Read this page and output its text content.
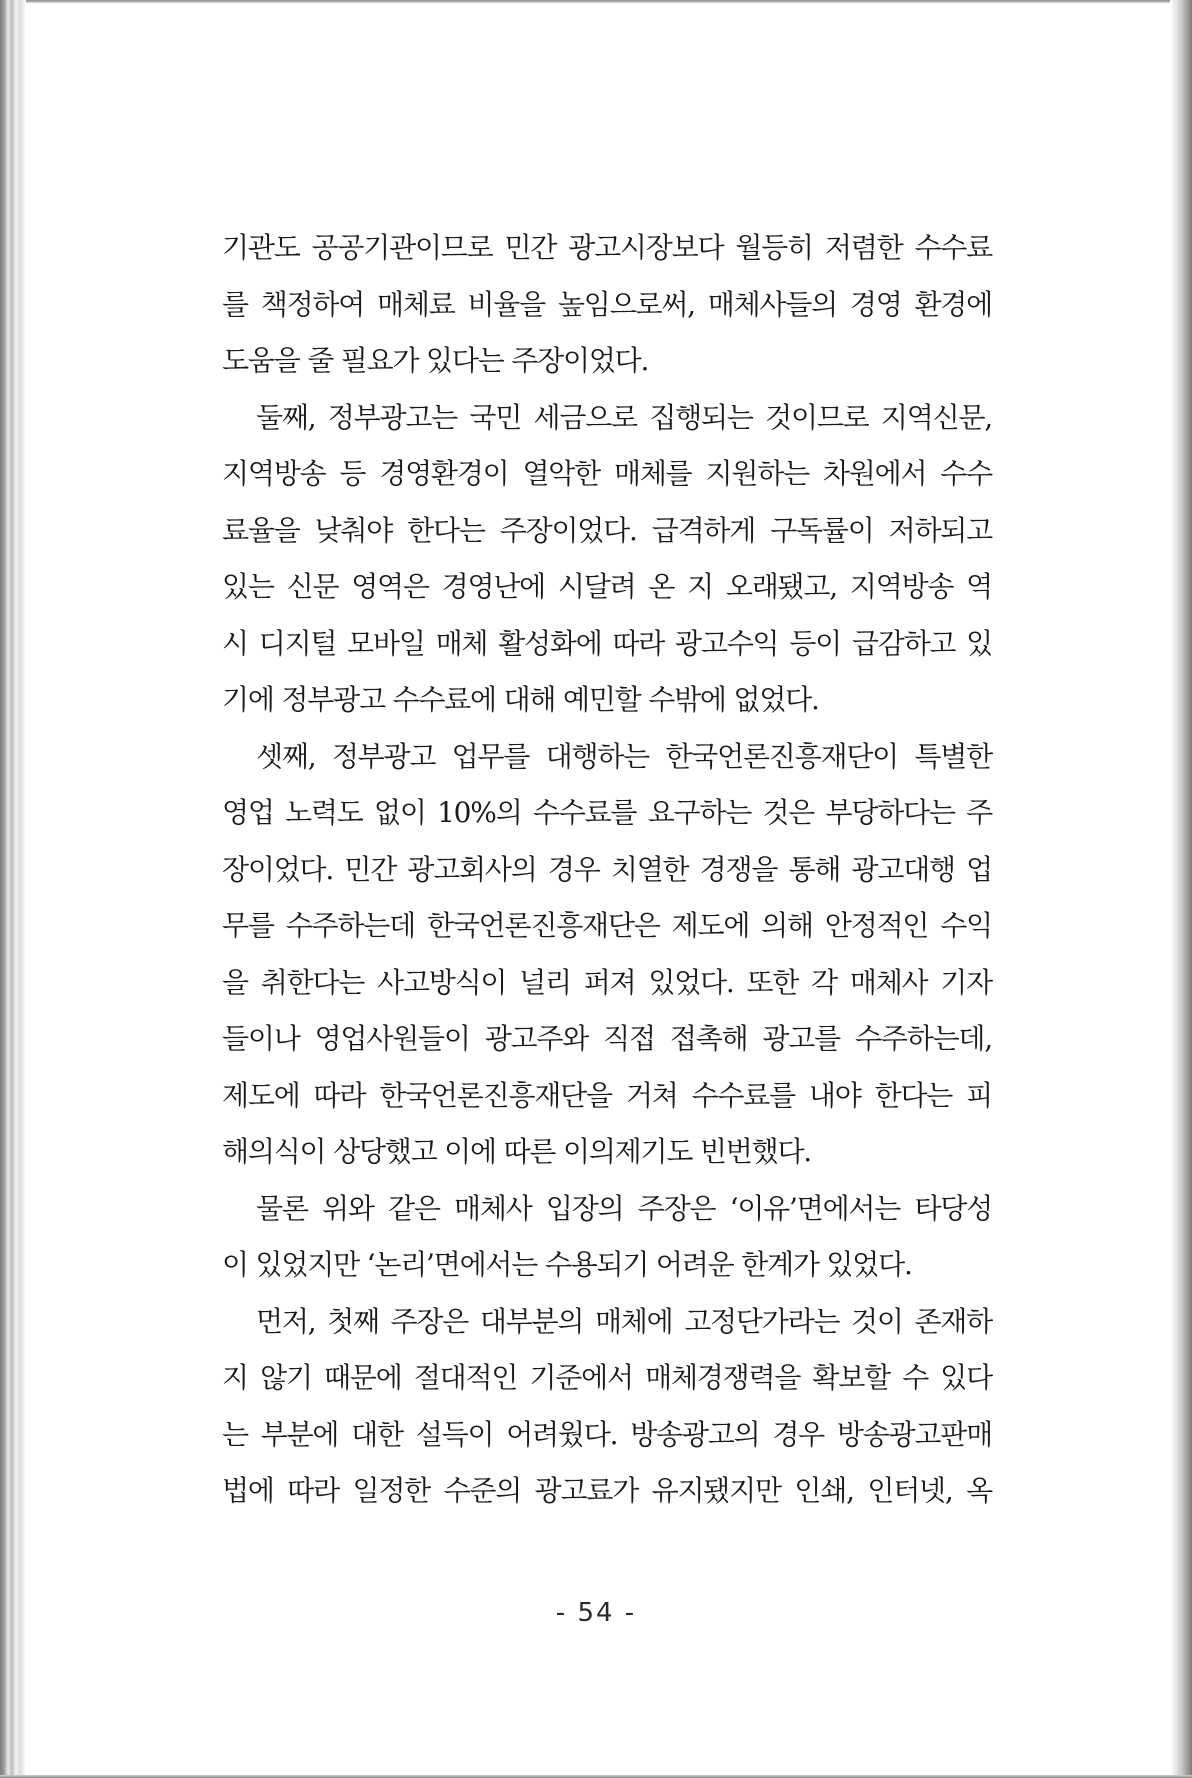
기관도 공공기관이므로 민간 광고시장보다 월등히 저렴한 수수료
를 책정하여 매체료 비율을 높임으로써, 매체사들의 경영 환경에
도움을 줄 필요가 있다는 주장이었다.
둘째, 정부광고는 국민 세금으로 집행되는 것이므로 지역신문,
지역방송 등 경영환경이 열악한 매체를 지원하는 차원에서 수수
료율을 낮춰야 한다는 주장이었다. 급격하게 구독률이 저하되고
있는 신문 영역은 경영난에 시달려 온 지 오래됐고, 지역방송 역
시 디지털 모바일 매체 활성화에 따라 광고수익 등이 급감하고 있
기에 정부광고 수수료에 대해 예민할 수밖에 없었다.
셋째, 정부광고 업무를 대행하는 한국언론진흥재단이 특별한
영업 노력도 없이 10%의 수수료를 요구하는 것은 부당하다는 주
장이었다. 민간 광고회사의 경우 치열한 경쟁을 통해 광고대행 업
무를 수주하는데 한국언론진흥재단은 제도에 의해 안정적인 수익
을 취한다는 사고방식이 널리 퍼져 있었다. 또한 각 매체사 기자
들이나 영업사원들이 광고주와 직접 접촉해 광고를 수주하는데,
제도에 따라 한국언론진흥재단을 거쳐 수수료를 내야 한다는 피
해의식이 상당했고 이에 따른 이의제기도 빈번했다.
물론 위와 같은 매체사 입장의 주장은 ‘이유’면에서는 타당성
이 있었지만 ‘논리’면에서는 수용되기 어려운 한계가 있었다.
먼저, 첫째 주장은 대부분의 매체에 고정단가라는 것이 존재하
지 않기 때문에 절대적인 기준에서 매체경쟁력을 확보할 수 있다
는 부분에 대한 설득이 어려웠다. 방송광고의 경우 방송광고판매
법에 따라 일정한 수준의 광고료가 유지됐지만 인쇄, 인터넷, 옥
- 54 -
